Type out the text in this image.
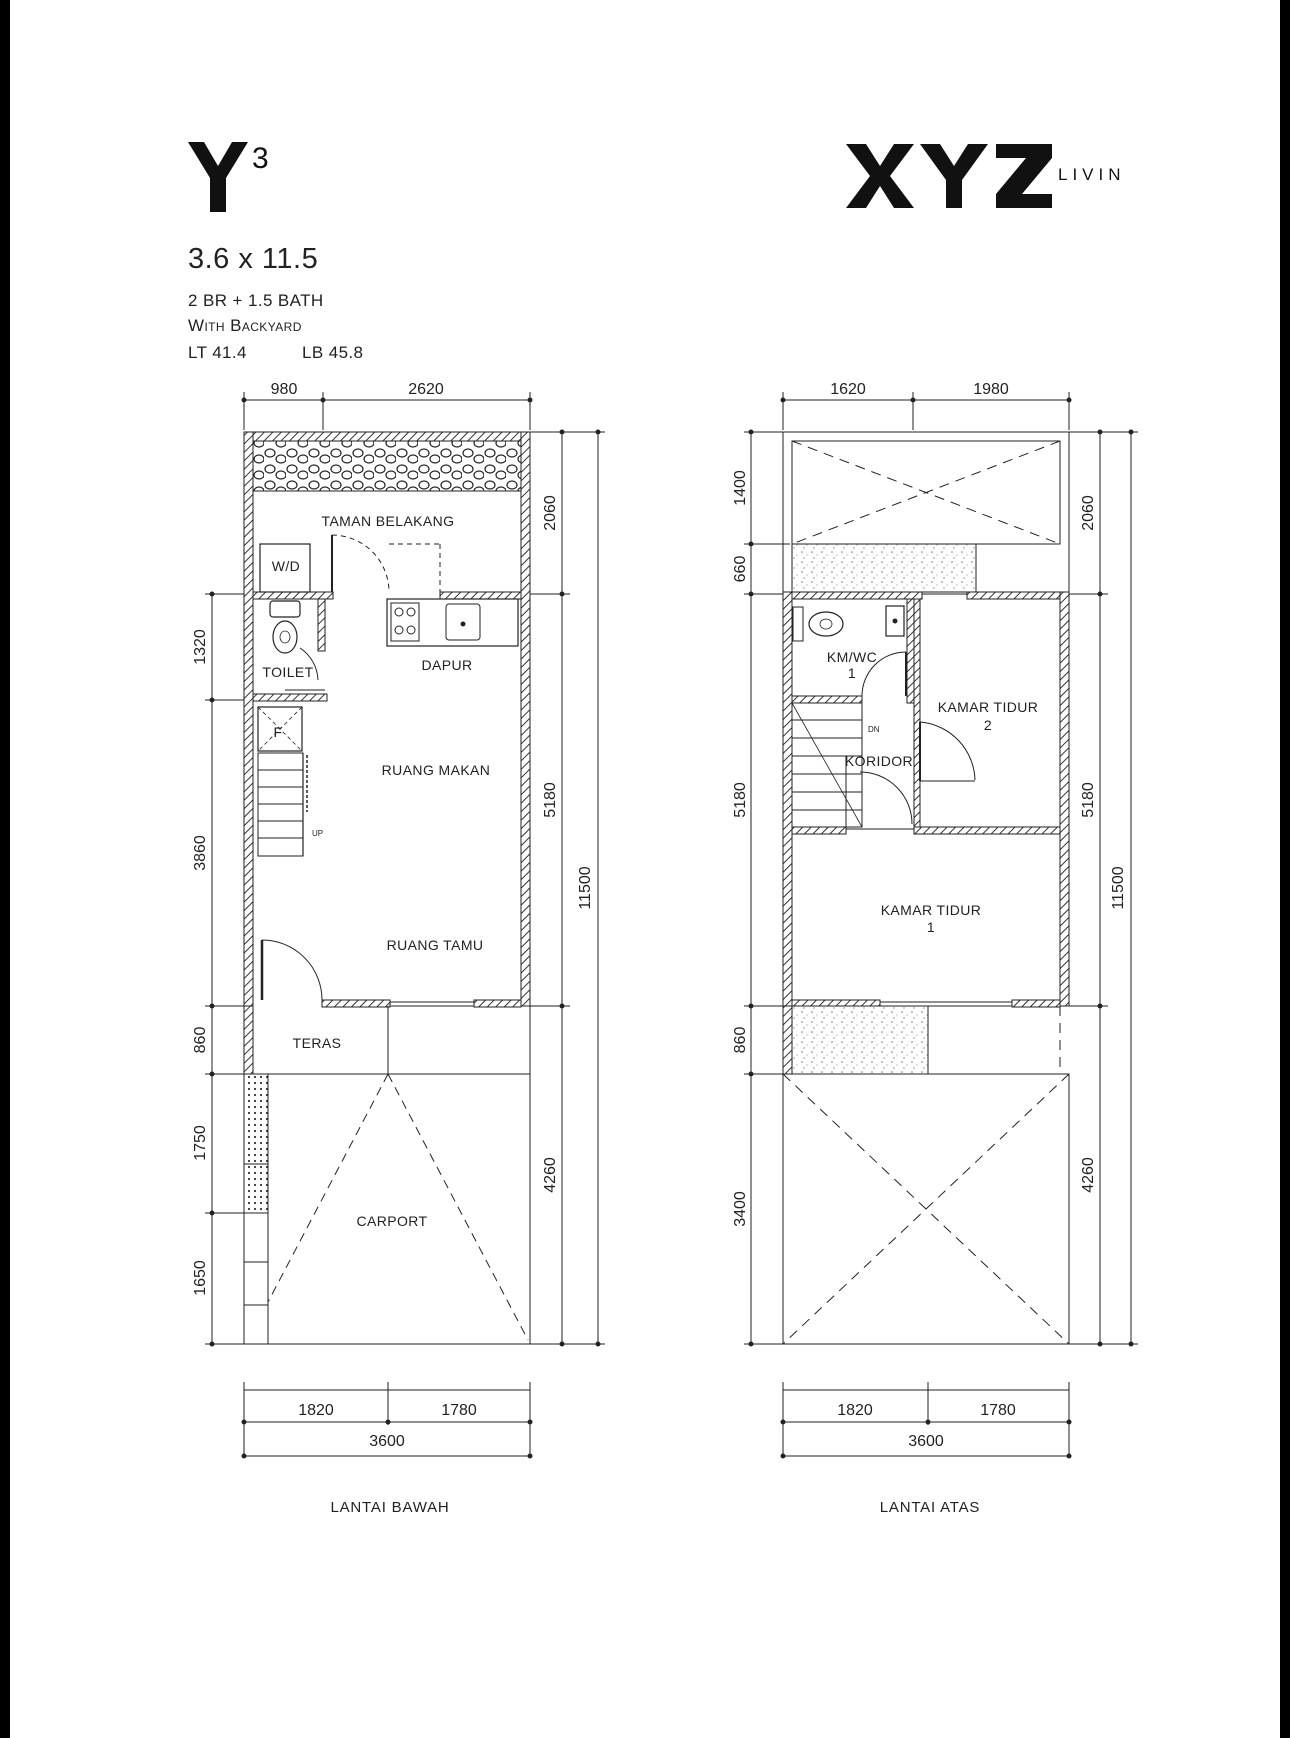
3	LIVIN
3.6 x 11.5
2 BR + 1.5 BATH
With Backyard
LT 41.4	LB 45.8
TAMAN BELAKANG
W/D
TOILET	DAPUR
RUANG MAKAN
RUANG TAMU
TERAS
CARPORT
F
UP
980	2620
1320
3860
860
1750
1650
2060
5180
4260
11500
1820	1780
3600
LANTAI BAWAH
KM/WC
1
KAMAR TIDUR
2
KORIDOR
DN
KAMAR TIDUR
1
1620	1980
1400
660
5180
860
3400
2060
5180
4260
11500
1820	1780
3600
LANTAI ATAS
